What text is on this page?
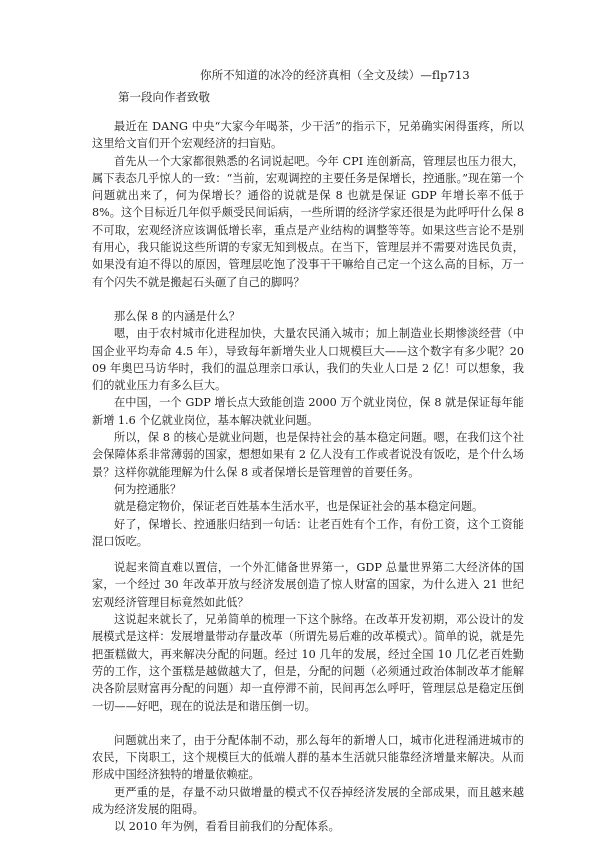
你所不知道的冰冷的经济真相（全文及续）—flp713
第一段向作者致敬

最近在 DANG 中央“大家今年喝茶，少干活”的指示下，兄弟确实闲得蛋疼，所以这里给文盲们开个宏观经济的扫盲贴。

首先从一个大家都很熟悉的名词说起吧。今年 CPI 连创新高，管理层也压力很大，属下表态几乎惊人的一致：“当前，宏观调控的主要任务是保增长，控通胀。”现在第一个问题就出来了，何为保增长？通俗的说就是保 8 也就是保证 GDP 年增长率不低于 8%。这个目标近几年似乎颇受民间诟病，一些所谓的经济学家还很是为此呼吁什么保 8 不可取，宏观经济应该调低增长率，重点是产业结构的调整等等。如果这些言论不是别有用心，我只能说这些所谓的专家无知到极点。在当下，管理层并不需要对选民负责，如果没有迫不得以的原因，管理层吃饱了没事干干嘛给自己定一个这么高的目标，万一有个闪失不就是搬起石头砸了自己的脚吗？

那么保 8 的内涵是什么？

嗯，由于农村城市化进程加快，大量农民涌入城市；加上制造业长期惨淡经营（中国企业平均寿命 4.5 年），导致每年新增失业人口规模巨大——这个数字有多少呢？2009 年奥巴马访华时，我们的温总理亲口承认，我们的失业人口是 2 亿！可以想象，我们的就业压力有多么巨大。

在中国，一个 GDP 增长点大致能创造 2000 万个就业岗位，保 8 就是保证每年能新增 1.6 个亿就业岗位，基本解决就业问题。

所以，保 8 的核心是就业问题，也是保持社会的基本稳定问题。嗯，在我们这个社会保障体系非常薄弱的国家，想想如果有 2 亿人没有工作或者说没有饭吃，是个什么场景？这样你就能理解为什么保 8 或者保增长是管理曾的首要任务。

何为控通胀？

就是稳定物价，保证老百姓基本生活水平，也是保证社会的基本稳定问题。

好了，保增长、控通胀归结到一句话：让老百姓有个工作，有份工资，这个工资能混口饭吃。

说起来简直难以置信，一个外汇储备世界第一，GDP 总量世界第二大经济体的国家，一个经过 30 年改革开放与经济发展创造了惊人财富的国家，为什么进入 21 世纪宏观经济管理目标竟然如此低？

这说起来就长了，兄弟简单的梳理一下这个脉络。在改革开发初期，邓公设计的发展模式是这样：发展增量带动存量改革（所谓先易后难的改革模式）。简单的说，就是先把蛋糕做大，再来解决分配的问题。经过 10 几年的发展，经过全国 10 几亿老百姓勤劳的工作，这个蛋糕是越做越大了，但是，分配的问题（必须通过政治体制改革才能解决各阶层财富再分配的问题）却一直停滞不前，民间再怎么呼吁，管理层总是稳定压倒一切——好吧，现在的说法是和谐压倒一切。

问题就出来了，由于分配体制不动，那么每年的新增人口，城市化进程涌进城市的农民，下岗职工，这个规模巨大的低端人群的基本生活就只能靠经济增量来解决。从而形成中国经济独特的增量依赖症。

更严重的是，存量不动只做增量的模式不仅吞掉经济发展的全部成果，而且越来越成为经济发展的阻碍。

以 2010 年为例，看看目前我们的分配体系。
